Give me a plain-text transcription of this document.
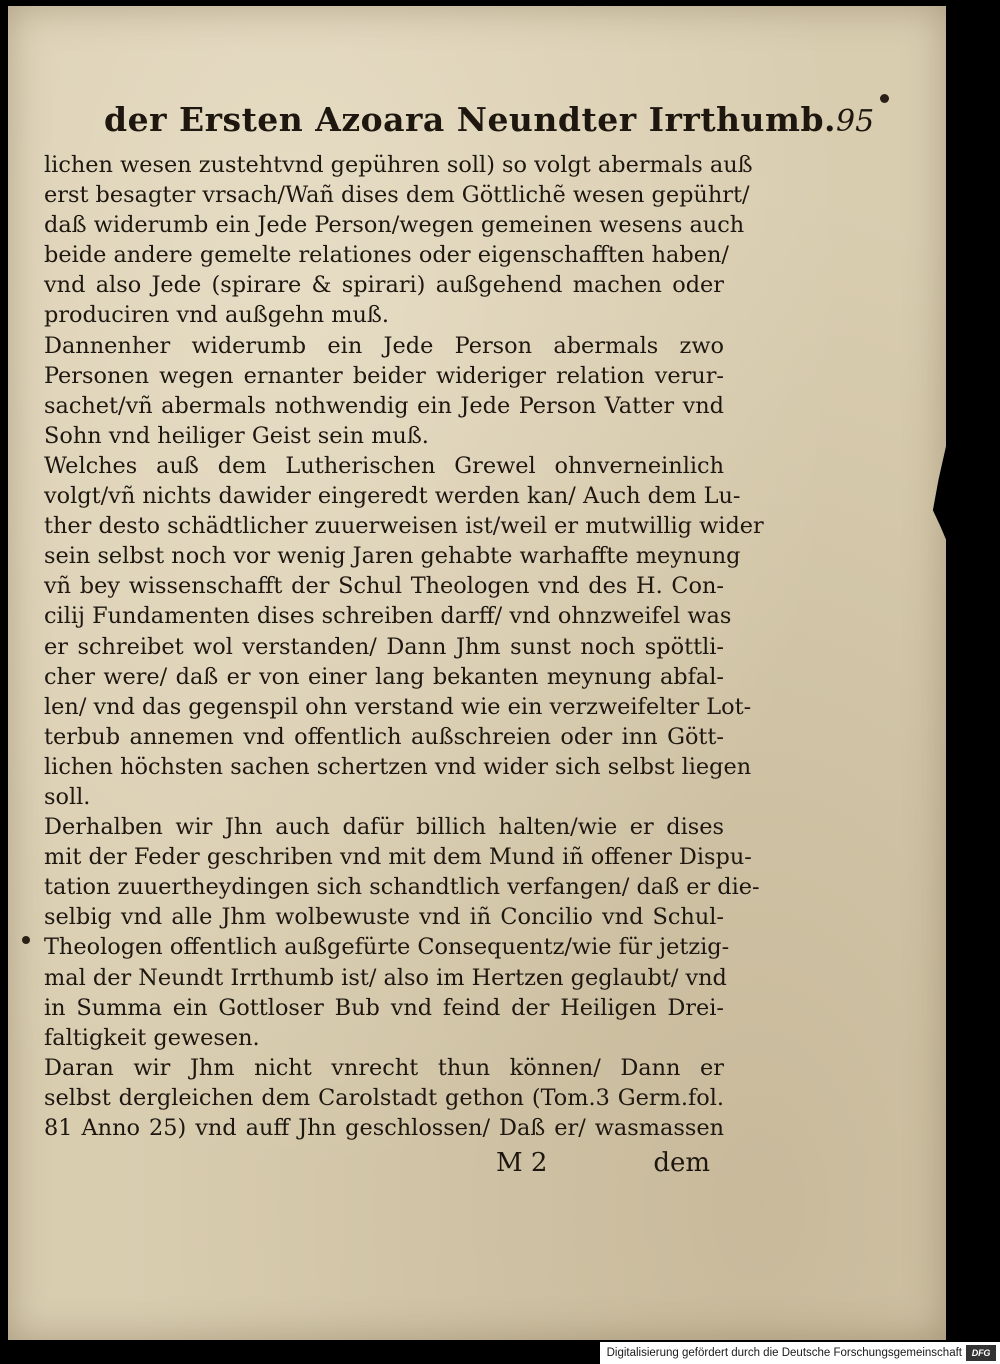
der Ersten Azoara Neundter Irrthumb. 95
lichen wesen zustehtvnd gepühren soll) so volgt abermals auß
erst besagter vrsach/Wañ dises dem Göttlichẽ wesen gepührt/
daß widerumb ein Jede Person/wegen gemeinen wesens auch
beide andere gemelte relationes oder eigenschafften haben/
vnd also Jede (spirare & spirari) außgehend machen oder
produciren vnd außgehn muß.
Dannenher widerumb ein Jede Person abermals zwo
Personen wegen ernanter beider wideriger relation verur-
sachet/vñ abermals nothwendig ein Jede Person Vatter vnd
Sohn vnd heiliger Geist sein muß.
Welches auß dem Lutherischen Grewel ohnverneinlich
volgt/vñ nichts dawider eingeredt werden kan/ Auch dem Lu-
ther desto schädtlicher zuuerweisen ist/weil er mutwillig wider
sein selbst noch vor wenig Jaren gehabte warhaffte meynung
vñ bey wissenschafft der Schul Theologen vnd des H. Con-
cilij Fundamenten dises schreiben darff/ vnd ohnzweifel was
er schreibet wol verstanden/ Dann Jhm sunst noch spöttli-
cher were/ daß er von einer lang bekanten meynung abfal-
len/ vnd das gegenspil ohn verstand wie ein verzweifelter Lot-
terbub annemen vnd offentlich außschreien oder inn Gött-
lichen höchsten sachen schertzen vnd wider sich selbst liegen
soll.
Derhalben wir Jhn auch dafür billich halten/wie er dises
mit der Feder geschriben vnd mit dem Mund iñ offener Dispu-
tation zuuertheydingen sich schandtlich verfangen/ daß er die-
selbig vnd alle Jhm wolbewuste vnd iñ Concilio vnd Schul-
Theologen offentlich außgefürte Consequentz/wie für jetzig-
mal der Neundt Irrthumb ist/ also im Hertzen geglaubt/ vnd
in Summa ein Gottloser Bub vnd feind der Heiligen Drei-
faltigkeit gewesen.
Daran wir Jhm nicht vnrecht thun können/ Dann er
selbst dergleichen dem Carolstadt gethon (Tom.3 Germ.fol.
81 Anno 25) vnd auff Jhn geschlossen/ Daß er/ wasmassen
M 2	dem
Digitalisierung gefördert durch die Deutsche Forschungsgemeinschaft	DFG
